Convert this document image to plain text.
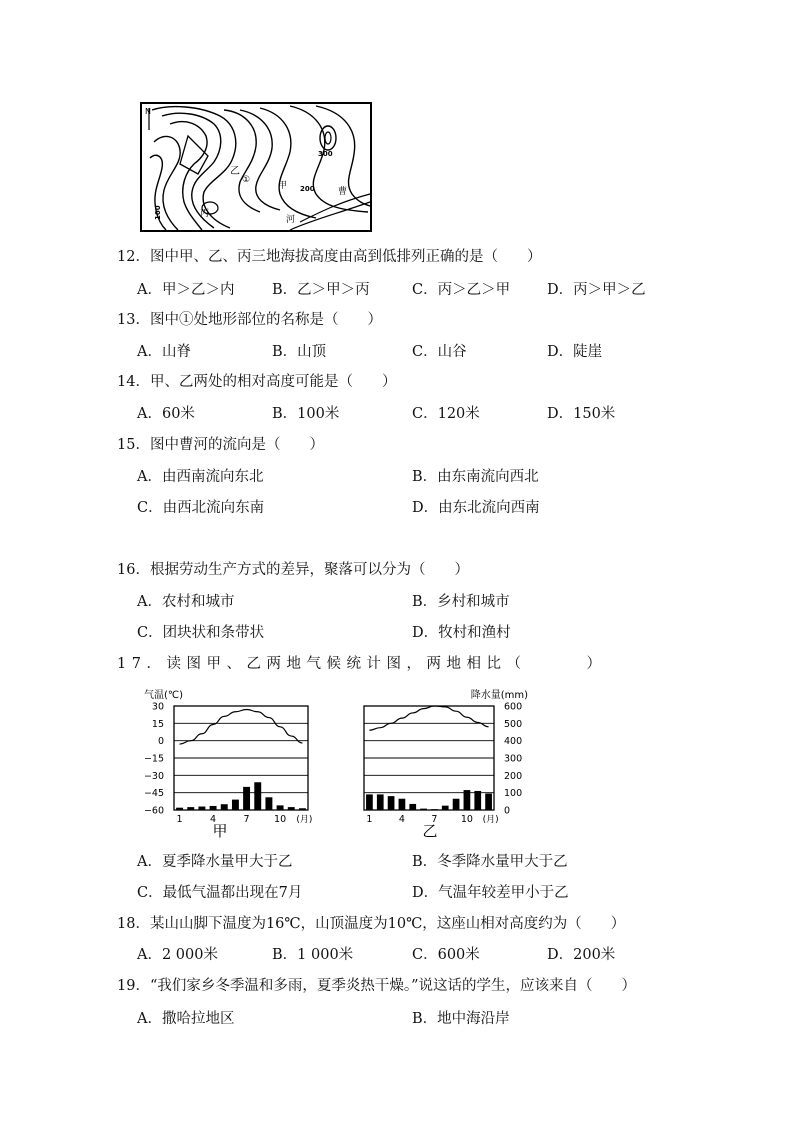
N
乙
甲
丙
曹
河
300
200
100
①
12．图中甲、乙、丙三地海拔高度由高到低排列正确的是（　　）
A．甲＞乙＞内	B．乙＞甲＞丙	C．丙＞乙＞甲	D．丙＞甲＞乙
13．图中①处地形部位的名称是（　　）
A．山脊	B．山顶	C．山谷	D．陡崖
14．甲、乙两处的相对高度可能是（　　）
A．60米	B．100米	C．120米	D．150米
15．图中曹河的流向是（　　）
A．由西南流向东北	B．由东南流向西北
C．由西北流向东南	D．由东北流向西南
16．根据劳动生产方式的差异，聚落可以分为（　　）
A．农村和城市	B．乡村和城市
C．团块状和条带状	D．牧村和渔村
17．读图甲、乙两地气候统计图，两地相比（　　　）
气温(℃)
30
15
0
−15
−30
−45
−60
1	4	7	10 (月)
甲
降水量(mm)
600
500
400
300
200
100
0
1	4	7 10 (月)
乙
A．夏季降水量甲大于乙	B．冬季降水量甲大于乙
C．最低气温都出现在7月	D．气温年较差甲小于乙
18．某山山脚下温度为16℃，山顶温度为10℃，这座山相对高度约为（　　）
A．2 000米	B．1 000米	C．600米	D．200米
19．“我们家乡冬季温和多雨，夏季炎热干燥。”说这话的学生，应该来自（　　）
A．撒哈拉地区	B．地中海沿岸
